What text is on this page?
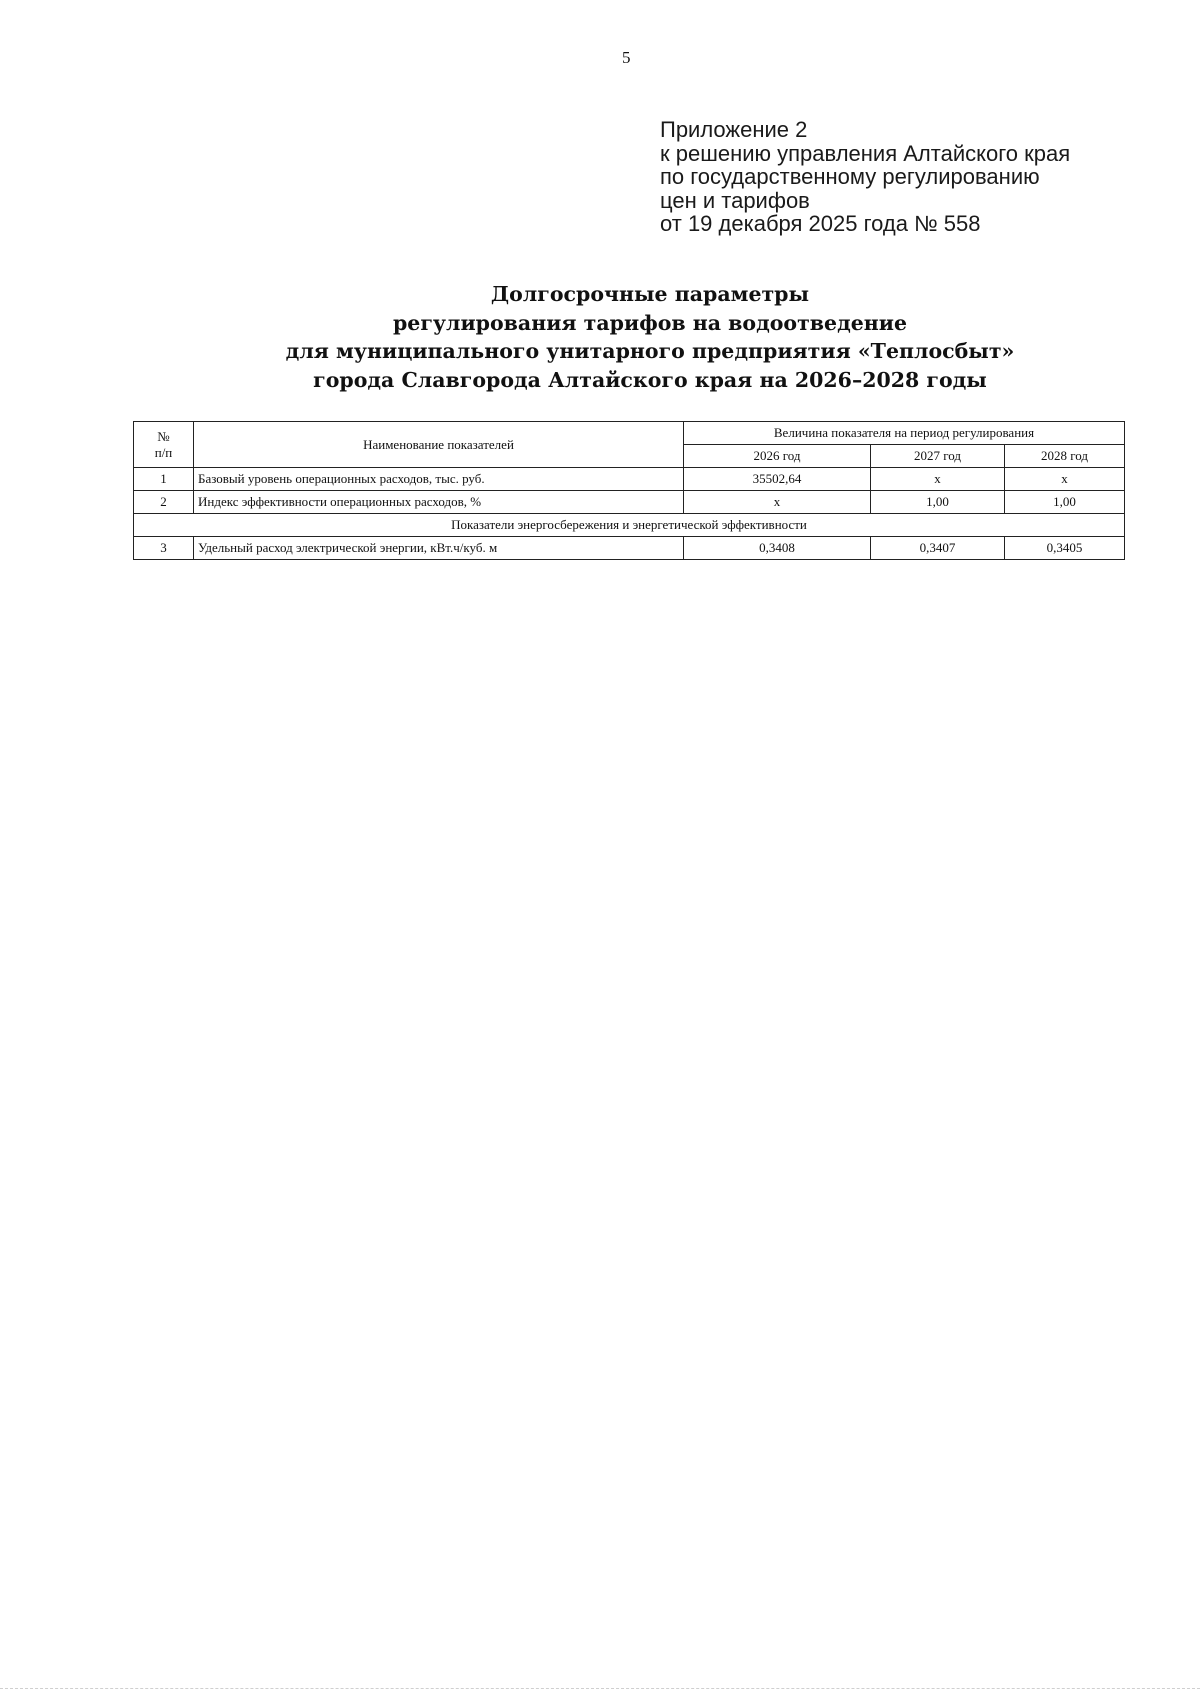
5
Приложение 2
к решению управления Алтайского края
по государственному регулированию
цен и тарифов
от 19 декабря 2025 года № 558
Долгосрочные параметры
регулирования тарифов на водоотведение
для муниципального унитарного предприятия «Теплосбыт»
города Славгорода Алтайского края на 2026–2028 годы
№
п/п	Наименование показателей	Величина показателя на период регулирования		
		2026 год	2027 год	2028 год
1	Базовый уровень операционных расходов, тыс. руб.	35502,64	х	х
2	Индекс эффективности операционных расходов, %	х	1,00	1,00
Показатели энергосбережения и энергетической эффективности				
3	Удельный расход электрической энергии, кВт.ч/куб. м	0,3408	0,3407	0,3405
